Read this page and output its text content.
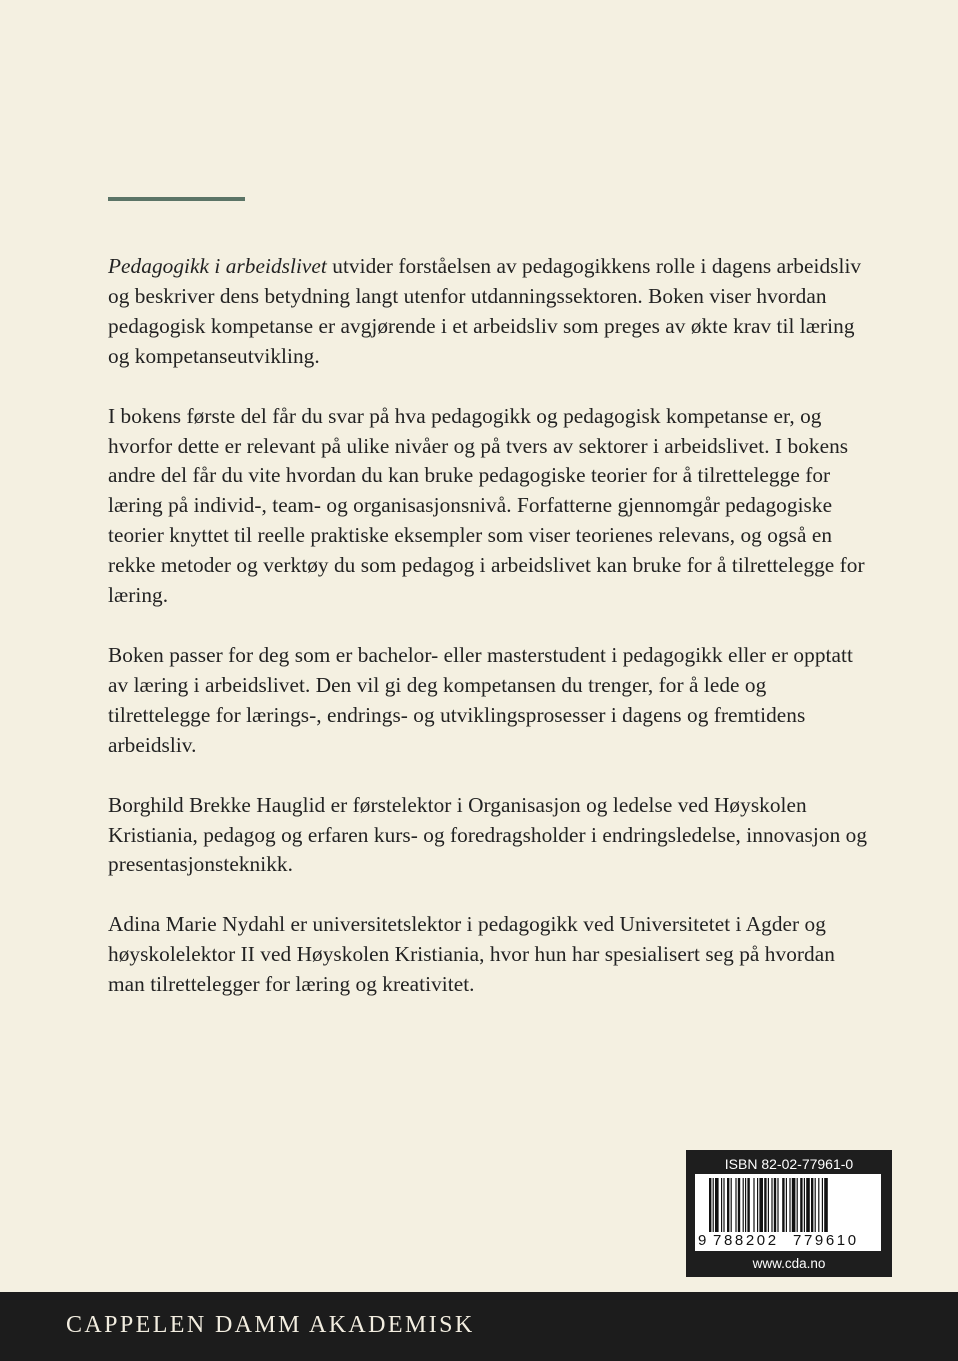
Pedagogikk i arbeidslivet utvider forståelsen av pedagogikkens rolle i dagens arbeidsliv og beskriver dens betydning langt utenfor utdanningssektoren. Boken viser hvordan pedagogisk kompetanse er avgjørende i et arbeidsliv som preges av økte krav til læring og kompetanseutvikling.

I bokens første del får du svar på hva pedagogikk og pedagogisk kompetanse er, og hvorfor dette er relevant på ulike nivåer og på tvers av sektorer i arbeidslivet. I bokens andre del får du vite hvordan du kan bruke pedagogiske teorier for å tilrettelegge for læring på individ-, team- og organisasjonsnivå. Forfatterne gjennomgår pedagogiske teorier knyttet til reelle praktiske eksempler som viser teorienes relevans, og også en rekke metoder og verktøy du som pedagog i arbeidslivet kan bruke for å tilrettelegge for læring.

Boken passer for deg som er bachelor- eller masterstudent i pedagogikk eller er opptatt av læring i arbeidslivet. Den vil gi deg kompetansen du trenger, for å lede og tilrettelegge for lærings-, endrings- og utviklingsprosesser i dagens og fremtidens arbeidsliv.

Borghild Brekke Hauglid er førstelektor i Organisasjon og ledelse ved Høyskolen Kristiania, pedagog og erfaren kurs- og foredragsholder i endringsledelse, innovasjon og presentasjonsteknikk.

Adina Marie Nydahl er universitetslektor i pedagogikk ved Universitetet i Agder og høyskolelektor II ved Høyskolen Kristiania, hvor hun har spesialisert seg på hvordan man tilrettelegger for læring og kreativitet.

ISBN 82-02-77961-0
9 788202 779610
www.cda.no
CAPPELEN DAMM AKADEMISK
